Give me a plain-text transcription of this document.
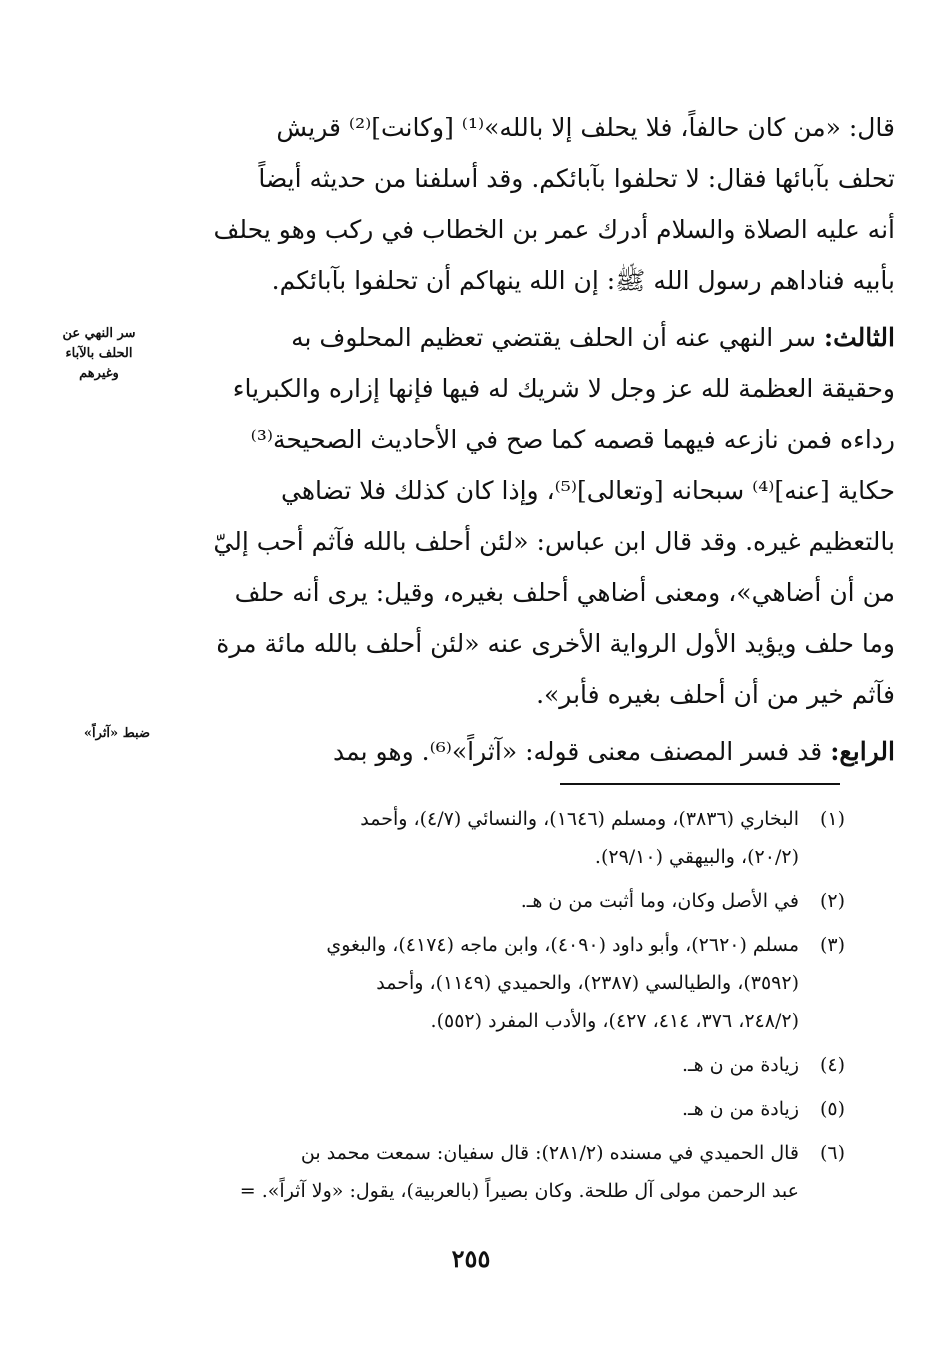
قال: «من كان حالفاً، فلا يحلف إلا بالله»⁽¹⁾ [وكانت]⁽²⁾ قريش

تحلف بآبائها فقال: لا تحلفوا بآبائكم. وقد أسلفنا من حديثه أيضاً

أنه عليه الصلاة والسلام أدرك عمر بن الخطاب في ركب وهو يحلف

بأبيه فناداهم رسول الله ﷺ: إن الله ينهاكم أن تحلفوا بآبائكم.

الثالث: سر النهي عنه أن الحلف يقتضي تعظيم المحلوف به

وحقيقة العظمة لله عز وجل لا شريك له فيها فإنها إزاره والكبرياء

رداءه فمن نازعه فيهما قصمه كما صح في الأحاديث الصحيحة⁽³⁾

حكاية [عنه]⁽⁴⁾ سبحانه [وتعالى]⁽⁵⁾، وإذا كان كذلك فلا تضاهي

بالتعظيم غيره. وقد قال ابن عباس: «لئن أحلف بالله فآثم أحب إليّ

من أن أضاهي»، ومعنى أضاهي أحلف بغيره، وقيل: يرى أنه حلف

وما حلف ويؤيد الأول الرواية الأخرى عنه «لئن أحلف بالله مائة مرة

فآثم خير من أن أحلف بغيره فأبر».

الرابع: قد فسر المصنف معنى قوله: «آثراً»⁽⁶⁾. وهو بمد

سر النهي عن
الحلف بالآباء
وغيرهم
ضبط «آثراً»
(١)
البخاري (٣٨٣٦)، ومسلم (١٦٤٦)، والنسائي (٤/٧)، وأحمد
(٢٠/٢)، والبيهقي (٢٩/١٠).
(٢)
في الأصل وكان، وما أثبت من ن هـ.
(٣)
مسلم (٢٦٢٠)، وأبو داود (٤٠٩٠)، وابن ماجه (٤١٧٤)، والبغوي
(٣٥٩٢)، والطيالسي (٢٣٨٧)، والحميدي (١١٤٩)، وأحمد
(٢٤٨/٢، ٣٧٦، ٤١٤، ٤٢٧)، والأدب المفرد (٥٥٢).
(٤)
زيادة من ن هـ.
(٥)
زيادة من ن هـ.
(٦)
قال الحميدي في مسنده (٢٨١/٢): قال سفيان: سمعت محمد بن
عبد الرحمن مولى آل طلحة. وكان بصيراً (بالعربية)، يقول: «ولا آثراً». =
٢٥٥
